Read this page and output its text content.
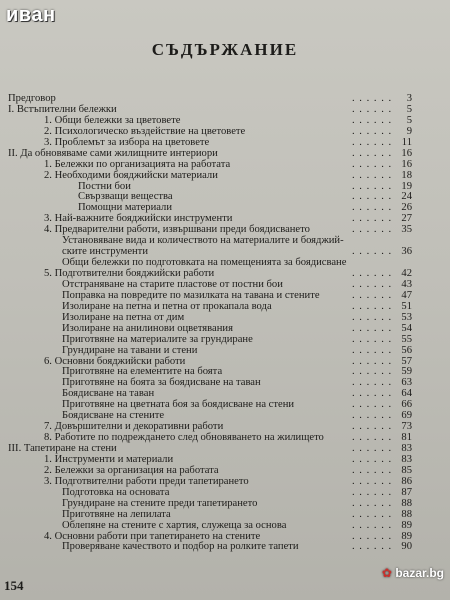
иван
СЪДЪРЖАНИЕ
Предговор	. . . . . . 3
I. Встъпителни бележки	. . . . . . 5
1. Общи бележки за цветовете	. . . . . . 5
2. Психологическо въздействие на цветовете	. . . . . . 9
3. Проблемът за избора на цветовете	. . . . . . 11
II. Да обновяваме сами жилищните интериори	. . . . . . 16
1. Бележки по организацията на работата	. . . . . . 16
2. Необходими бояджийски материали	. . . . . . 18
Постни бои	. . . . . . 19
Свързващи вещества	. . . . . . 24
Помощни материали	. . . . . . 26
3. Най-важните бояджийски инструменти	. . . . . . 27
4. Предварителни работи, извършвани преди боядисването	. . . . . . 35
Установяване вида и количеството на материалите и бояджий-
ските инструменти	. . . . . . 36
Общи бележки по подготовката на помещенията за боядисване
5. Подготвителни бояджийски работи	. . . . . . 42
Отстраняване на старите пластове от постни бои	. . . . . . 43
Поправка на повредите по мазилката на тавана и стените	. . . . . . 47
Изолиране на петна и петна от прокапала вода	. . . . . . 51
Изолиране на петна от дим	. . . . . . 53
Изолиране на анилинови оцветявания	. . . . . . 54
Приготвяне на материалите за грундиране	. . . . . . 55
Грундиране на тавани и стени	. . . . . . 56
6. Основни бояджийски работи	. . . . . . 57
Приготвяне на елементите на боята	. . . . . . 59
Приготвяне на боята за боядисване на таван	. . . . . . 63
Боядисване на таван	. . . . . . 64
Приготвяне на цветната боя за боядисване на стени	. . . . . . 66
Боядисване на стените	. . . . . . 69
7. Довършителни и декоративни работи	. . . . . . 73
8. Работите по подреждането след обновяването на жилището	. . . . . . 81
III. Тапетиране на стени	. . . . . . 83
1. Инструменти и материали	. . . . . . 83
2. Бележки за организация на работата	. . . . . . 85
3. Подготвителни работи преди тапетирането	. . . . . . 86
Подготовка на основата	. . . . . . 87
Грундиране на стените преди тапетирането	. . . . . . 88
Приготвяне на лепилата	. . . . . . 88
Облепяне на стените с хартия, служеща за основа	. . . . . . 89
4. Основни работи при тапетирането на стените	. . . . . . 89
Проверяване качеството и подбор на ролките тапети	. . . . . . 90
154
✿ bazar.bg
